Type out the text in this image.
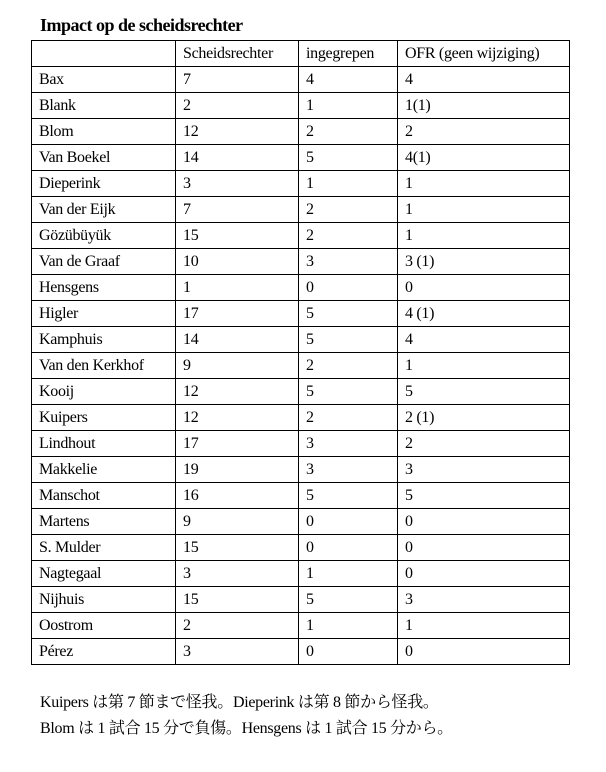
Impact op de scheidsrechter
	Scheidsrechter	ingegrepen	OFR (geen wijziging)
Bax	7	4	4
Blank	2	1	1(1)
Blom	12	2	2
Van Boekel	14	5	4(1)
Dieperink	3	1	1
Van der Eijk	7	2	1
Gözübüyük	15	2	1
Van de Graaf	10	3	3 (1)
Hensgens	1	0	0
Higler	17	5	4 (1)
Kamphuis	14	5	4
Van den Kerkhof	9	2	1
Kooij	12	5	5
Kuipers	12	2	2 (1)
Lindhout	17	3	2
Makkelie	19	3	3
Manschot	16	5	5
Martens	9	0	0
S. Mulder	15	0	0
Nagtegaal	3	1	0
Nijhuis	15	5	3
Oostrom	2	1	1
Pérez	3	0	0
Kuipers は第 7 節まで怪我。Dieperink は第 8 節から怪我。
Blom は 1 試合 15 分で負傷。Hensgens は 1 試合 15 分から。
